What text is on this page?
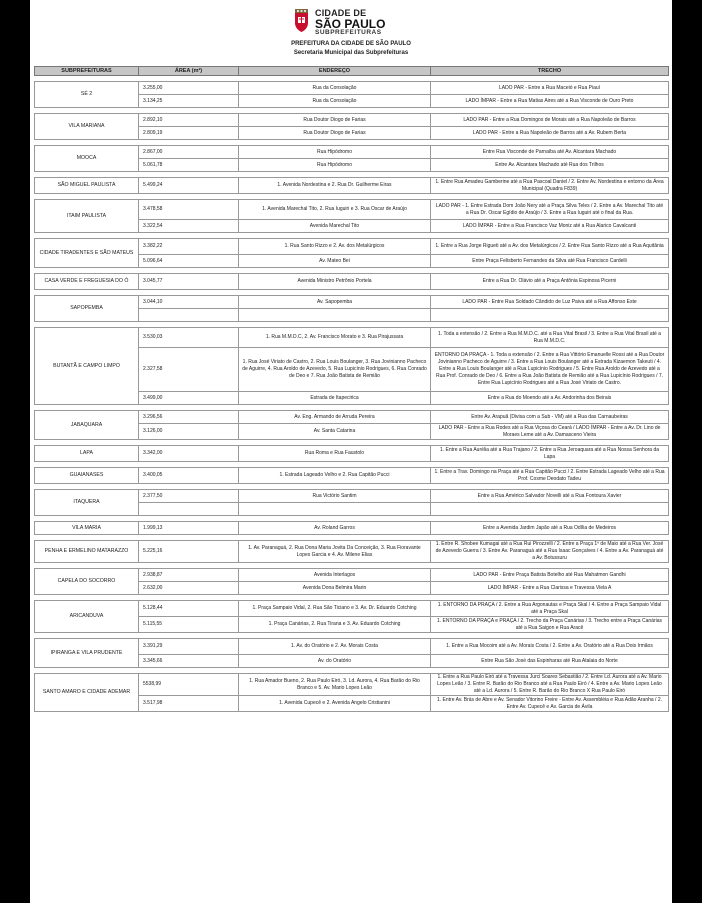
CIDADE DE
SÃO PAULO
SUBPREFEITURAS
PREFEITURA DA CIDADE DE SÃO PAULO
Secretaria Municipal das Subprefeituras
SUBPREFEITURAS	ÁREA (m²)	ENDEREÇO	TRECHO

SÉ 2	3.255,00	Rua da Consolação	LADO PAR - Entre a Rua Maceió e Rua Piauí
	3.134,25	Rua da Consolação	LADO ÍMPAR - Entre a Rua Matias Aires até a Rua Visconde de Ouro Preto

VILA MARIANA	2.892,10	Rua Doutor Diogo de Farias	LADO PAR - Entre a Rua Domingos de Morais até a Rua Napoleão de Barros
	2.809,19	Rua Doutor Diogo de Farias	LADO PAR - Entre a Rua Napoleão de Barros até a Av. Rubem Berta

MOOCA	2.867,00	Rua Hipódromo	Entre Rua Visconde de Parnaíba até Av. Alcantara Machado
	5.061,78	Rua Hipódromo	Entre Av. Alcantara Machado até Rua dos Trilhos

SÃO MIGUEL PAULISTA	5.499,24	1. Avenida Nordestina e 2. Rua Dr. Guilherme Eiras	1. Entre Rua Amadeu Gamberine até a Rua Pascoal Daniel / 2. Entre Av. Nordestina e entorno da Área Municipal (Quadra F839)

ITAIM PAULISTA	3.478,58	1. Avenida Marechal Tito, 2. Rua Iuguiri e 3. Rua Oscar de Araújo	LADO PAR - 1. Entre Estrada Dom João Nery até a Praça Silva Teles / 2. Entre a Av. Marechal Tito até a Rua Dr. Oscar Egídio de Araújo / 3. Entre a Rua Iuguiri até o final da Rua.
	3.322,54	Avenida Marechal Tito	LADO ÍMPAR - Entre a Rua Francisco Vaz Moniz até a Rua Alarico Cavalcanti

CIDADE TIRADENTES E SÃO MATEUS	3.382,22	1. Rua Santo Rizzo e 2. Av. dos Metalúrgicos	1. Entre a Rua Jorge Rigueti até a Av. dos Metalúrgicos / 2. Entre Rua Santo Rizzo até a Rua Aquitânia
	5.096,64	Av. Mateo Bei	Entre Praça Felisberto Fernandes da Silva até Rua Francisco Cardelli

CASA VERDE E FREGUESIA DO Ó	3.045,77	Avenida Ministro Petrônio Portela	Entre a Rua Dr. Olávio até a Praça Antônia Espinosa Picerni

SAPOPEMBA	3.044,10	Av. Sapopemba	LADO PAR - Entre Rua Soldado Cândido de Luz Paiva até a Rua Affonso Este

BUTANTÃ E CAMPO LIMPO	3.530,03	1. Rua M.M.D.C, 2. Av. Francisco Morato e 3. Rua Pirajussara	1. Toda a extensão / 2. Entre a Rua M.M.D.C. até a Rua Vital Brasil / 3. Entre a Rua Vital Brasil até a Rua M.M.D.C.
	2.327,58	1. Rua José Viriato de Castro, 2. Rua Louis Boulanger, 3. Rua Jovinianno Pacheco de Aguirre, 4. Rua Aroldo de Azevedo, 5. Rua Lupicínio Rodrigues, 6. Rua Conrado de Deo e 7. Rua João Batista de Remião	ENTORNO DA PRAÇA - 1. Toda a extensão / 2. Entre a Rua Vittório Emanuelle Rossi até a Rua Doutor Jovinianno Pacheco de Aguirre / 3. Entre a Rua Louis Boulanger até a Estrada Kizaemon Takeuti / 4. Entre a Rua Louis Boulanger até a Rua Lupicínio Rodrigues / 5. Entre Rua Aroldo de Azevedo até a Rua Prof. Conrado de Deo / 6. Entre a Rua João Batista de Remião até a Rua Lupicínio Rodrigues / 7. Entre Rua Lupicínio Rodrigues até a Rua José Viriato de Castro.
	3.499,00	Estrada de Itapecirica	Entre a Rua do Moendo até a Av. Andorinha dos Beirais

JABAQUARA	3.296,56	Av. Eng. Armando de Arruda Pereira	Entre Av. Arapuã (Divisa com a Sub - VM) até a Rua das Carnaubeiras
	3.126,00	Av. Santa Catarina	LADO PAR - Entre a Rua Rodes até a Rua Viçosa do Ceará / LADO ÍMPAR - Entre a Av. Dr. Lino de Moraes Leme até a Av. Damasceno Vieira

LAPA	3.342,00	Rua Roma e Rua Faustolo	1. Entre a Rua Aurélia até a Rua Trajano / 2. Entre a Rua Jeroaquara até a Rua Nossa Senhora da Lapa

GUAIANASES	3.400,05	1. Estrada Lageado Velho e 2. Rua Capitão Pucci	1. Entre a Trav. Domingo na Praça até a Rua Capitão Pucci / 2. Entre Estrada Lageado Velho até a Rua Prof. Cosme Deodato Tadeu

ITAQUERA	2.377,50	Rua Victório Santim	Entre a Rua Américo Salvador Novelli até a Rua Fontoura Xavier

VILA MARIA	1.999,13	Av. Roland Garros	Entre a Avenida Jardim Japão até a Rua Odília de Medeiros

PENHA E ERMELINO MATARAZZO	5.225,16	1. Av. Paranaguá, 2. Rua Dona Maria Jovita Da Conceição, 3. Rua Fioravante Lopes Garcia e 4. Av. Milene Elias	1. Entre R. Shobee Kumagai até a Rua Rui Pirozzelli / 2. Entre a Praça 1º de Maio até a Rua Ver. José de Azevedo Guerra / 3. Entre Av. Paranaguá até a Rua Isaac Gonçalves / 4. Entre a Av. Paranaguá até a Av. Botussuru

CAPELA DO SOCORRO	2.938,87	Avenida Interlagos	LADO PAR - Entre Praça Batista Botelho até Rua Mahatmon Gandhi
	2.632,00	Avenida Dona Belmira Marin	LADO ÍMPAR - Entre a Rua Clarissa e Travessa Viela A

ARICANDUVA	5.128,44	1. Praça Sampaio Vidal, 2. Rua São Ticiano e 3. Av. Dr. Eduardo Cotching	1. ENTORNO DA PRAÇA / 2. Entre a Rua Argonautas e Praça Skal / 4. Entre a Praça Sampaio Vidal até a Praça Skal
	5.115,55	1. Praça Canárias, 2. Rua Tirana e 3. Av. Eduardo Cotching	1. ENTORNO DA PRAÇA e PRAÇA / 2. Trecho da Praça Canárias / 3. Trecho entre a Praça Canárias até a Rua Saigon e Rua Aracê

IPIRANGA E VILA PRUDENTE	3.391,29	1. Av. do Oratório e 2. Av. Morais Costa	1. Entre a Rua Mocoim até a Av. Morais Costa / 2. Entre a Av. Oratório até a Rua Dois Irmãos
	3.345,66	Av. do Oratório	Entre Rua São José das Espinharas até Rua Atalaia do Norte

SANTO AMARO E CIDADE ADEMAR	5538,99	1. Rua Amador Bueno, 2. Rua Paulo Eiró, 3. Ld. Aurora, 4. Rua Barão do Rio Branco e 5. Av. Mario Lopes Leão	1. Entre a Rua Paulo Eiró até a Travessa Jurci Soares Sebastião / 2. Entre Ld. Aurora até a Av. Mario Lopes Leão / 3. Entre R. Barão do Rio Branco até a Rua Paulo Eiró / 4. Entre a Av. Mario Lopes Leão até a Ld. Aurora / 5. Entre R. Barão do Rio Branco X Rua Paulo Eiró
	3.517,98	1. Avenida Cupecê e 2. Avenida Angelo Cristianini	1. Entre Av. Brás de Abre e Av. Senador Vitorino Freire - Entre Av. Assembléia e Rua Adão Aranha / 2. Entre Av. Cupecê e Av. Garcia de Ávila
